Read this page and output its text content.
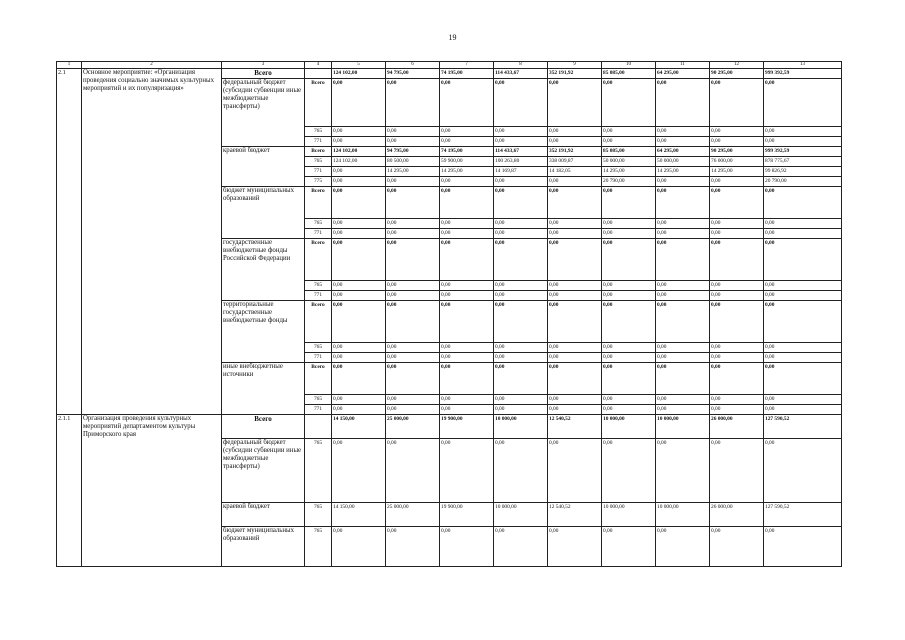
19
1	2	3	4	5	6	7	8	9	10	11	12	13
2.1	Основное мероприятие: «Организация проведения социально значимых культурных мероприятий и их популяризация»	Всего		124 102,00	94 795,00	74 195,00	114 433,67	352 191,92	85 085,00	64 295,00	90 295,00	999 392,59
		федеральный бюджет (субсидии субвенции иные межбюджетные трансферты)	Всего	0,00	0,00	0,00	0,00	0,00	0,00	0,00	0,00	0,00
			765	0,00	0,00	0,00	0,00	0,00	0,00	0,00	0,00	0,00
			771	0,00	0,00	0,00	0,00	0,00	0,00	0,00	0,00	0,00
		краевой бюджет	Всего	124 102,00	94 795,00	74 195,00	114 433,67	352 191,92	85 085,00	64 295,00	90 295,00	999 392,59
			765	124 102,00	80 500,00	59 900,00	100 263,80	338 009,87	50 000,00	50 000,00	76 000,00	878 775,67
			771	0,00	14 295,00	14 295,00	14 169,87	14 182,05	14 295,00	14 295,00	14 295,00	99 826,92
			775	0,00	0,00	0,00	0,00	0,00	20 790,00	0,00	0,00	20 790,00
		бюджет муниципальных образований	Всего	0,00	0,00	0,00	0,00	0,00	0,00	0,00	0,00	0,00
			765	0,00	0,00	0,00	0,00	0,00	0,00	0,00	0,00	0,00
			771	0,00	0,00	0,00	0,00	0,00	0,00	0,00	0,00	0,00
		государственные внебюджетные фонды Российской Федерации	Всего	0,00	0,00	0,00	0,00	0,00	0,00	0,00	0,00	0,00
			765	0,00	0,00	0,00	0,00	0,00	0,00	0,00	0,00	0,00
			771	0,00	0,00	0,00	0,00	0,00	0,00	0,00	0,00	0,00
		территориальные государственные внебюджетные фонды	Всего	0,00	0,00	0,00	0,00	0,00	0,00	0,00	0,00	0,00
			765	0,00	0,00	0,00	0,00	0,00	0,00	0,00	0,00	0,00
			771	0,00	0,00	0,00	0,00	0,00	0,00	0,00	0,00	0,00
		иные внебюджетные источники	Всего	0,00	0,00	0,00	0,00	0,00	0,00	0,00	0,00	0,00
			765	0,00	0,00	0,00	0,00	0,00	0,00	0,00	0,00	0,00
			771	0,00	0,00	0,00	0,00	0,00	0,00	0,00	0,00	0,00
2.1.1	Организация проведения культурных мероприятий департаментом культуры Приморского края	Всего		14 150,00	25 000,00	19 900,00	10 000,00	12 540,52	10 000,00	10 000,00	26 000,00	127 590,52
		федеральный бюджет (субсидии субвенции иные межбюджетные трансферты)	765	0,00	0,00	0,00	0,00	0,00	0,00	0,00	0,00	0,00
		краевой бюджет	765	14 150,00	25 000,00	19 900,00	10 000,00	12 540,52	10 000,00	10 000,00	26 000,00	127 590,52
		бюджет муниципальных образований	765	0,00	0,00	0,00	0,00	0,00	0,00	0,00	0,00	0,00
